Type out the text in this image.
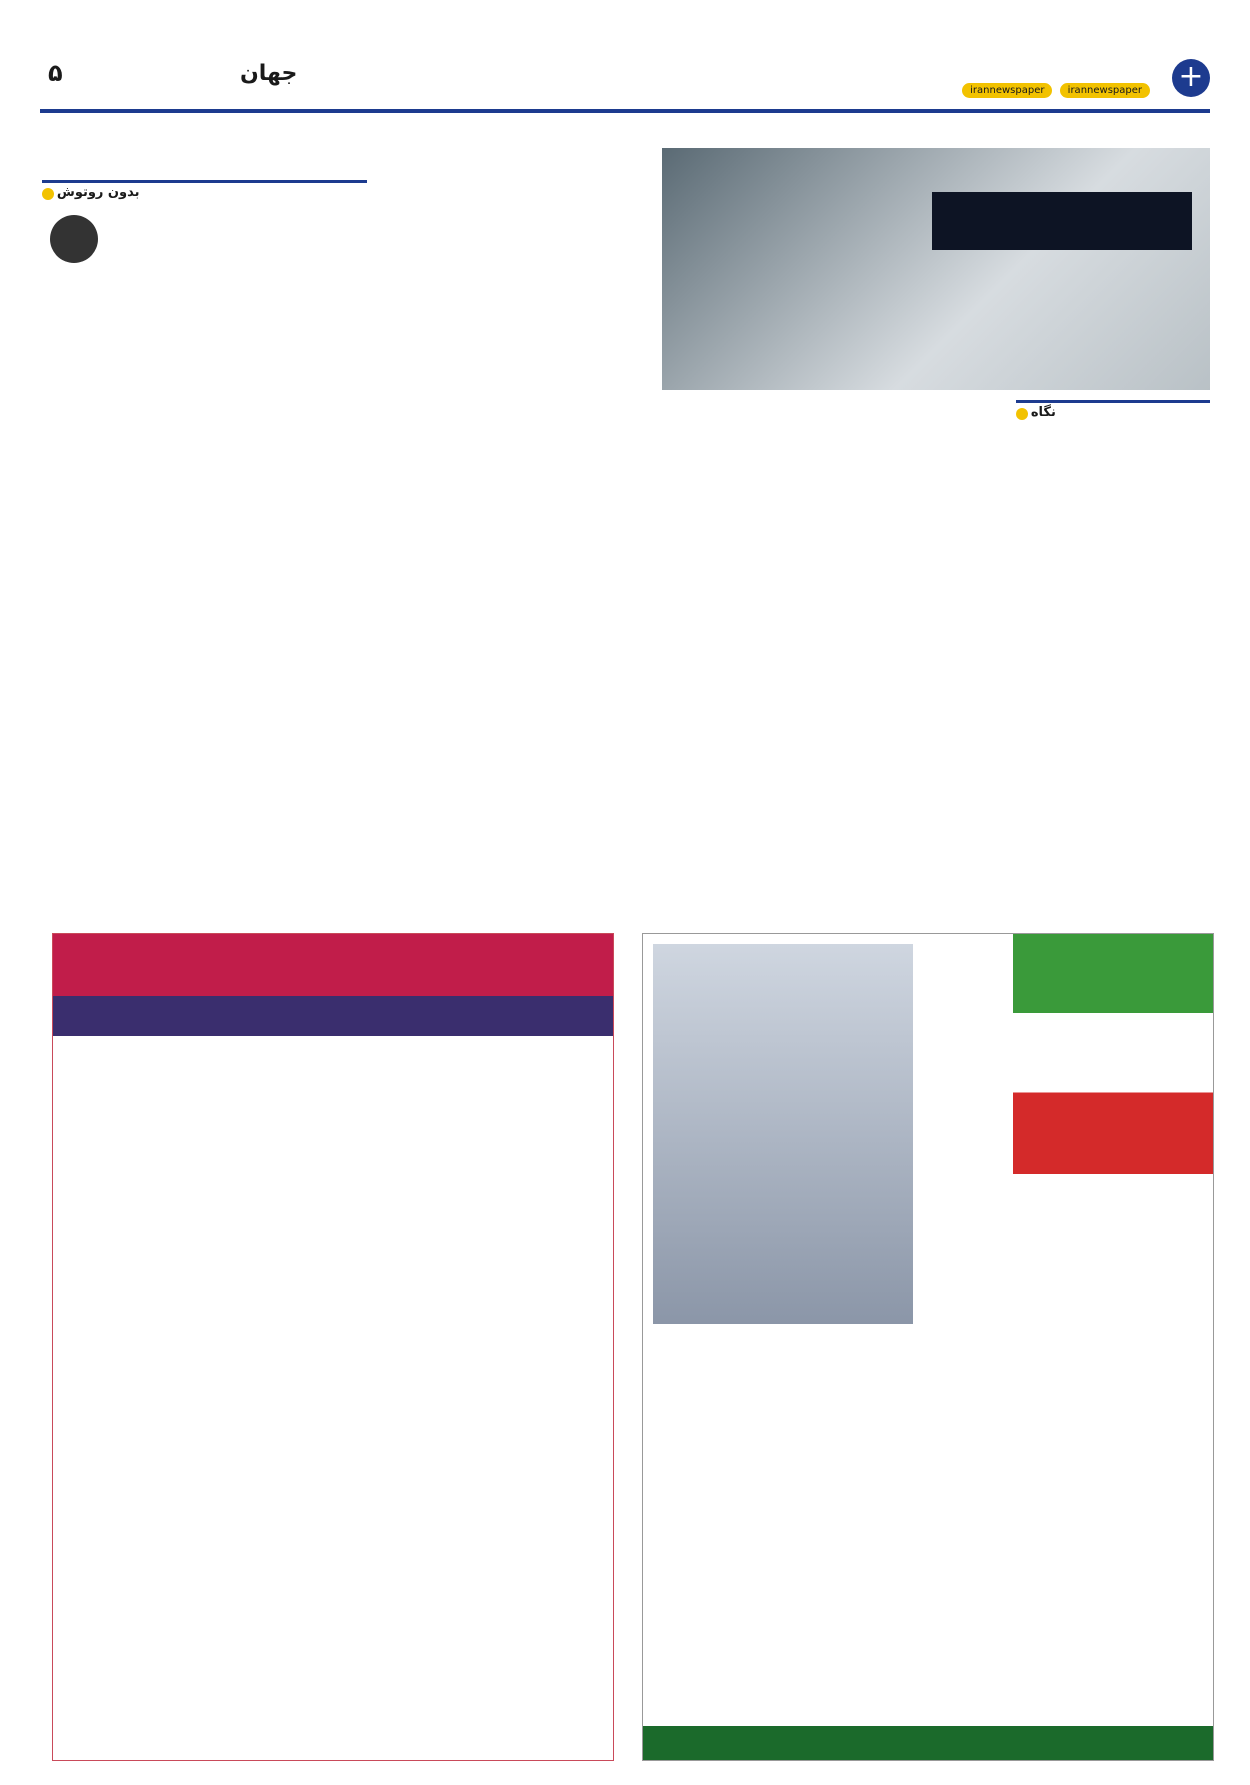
+
جهان
۵
irannewspaper irannewspaper
بدون روتوش
نگاه
